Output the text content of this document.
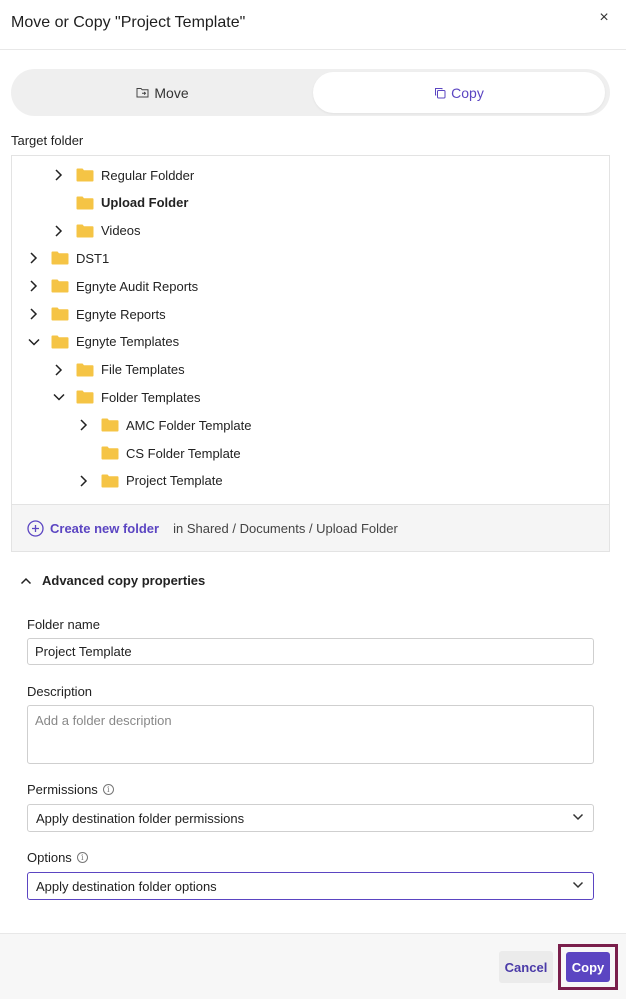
Move or Copy "Project Template"	×
Move	Copy
Target folder
Regular Foldder
Upload Folder
Videos
DST1
Egnyte Audit Reports
Egnyte Reports
Egnyte Templates
File Templates
Folder Templates
AMC Folder Template
CS Folder Template
Project Template
Create new folder in Shared / Documents / Upload Folder
Advanced copy properties
Folder name
Project Template
Description
Add a folder description
Permissions	i
Apply destination folder permissions
Options	i
Apply destination folder options
Cancel	Copy
